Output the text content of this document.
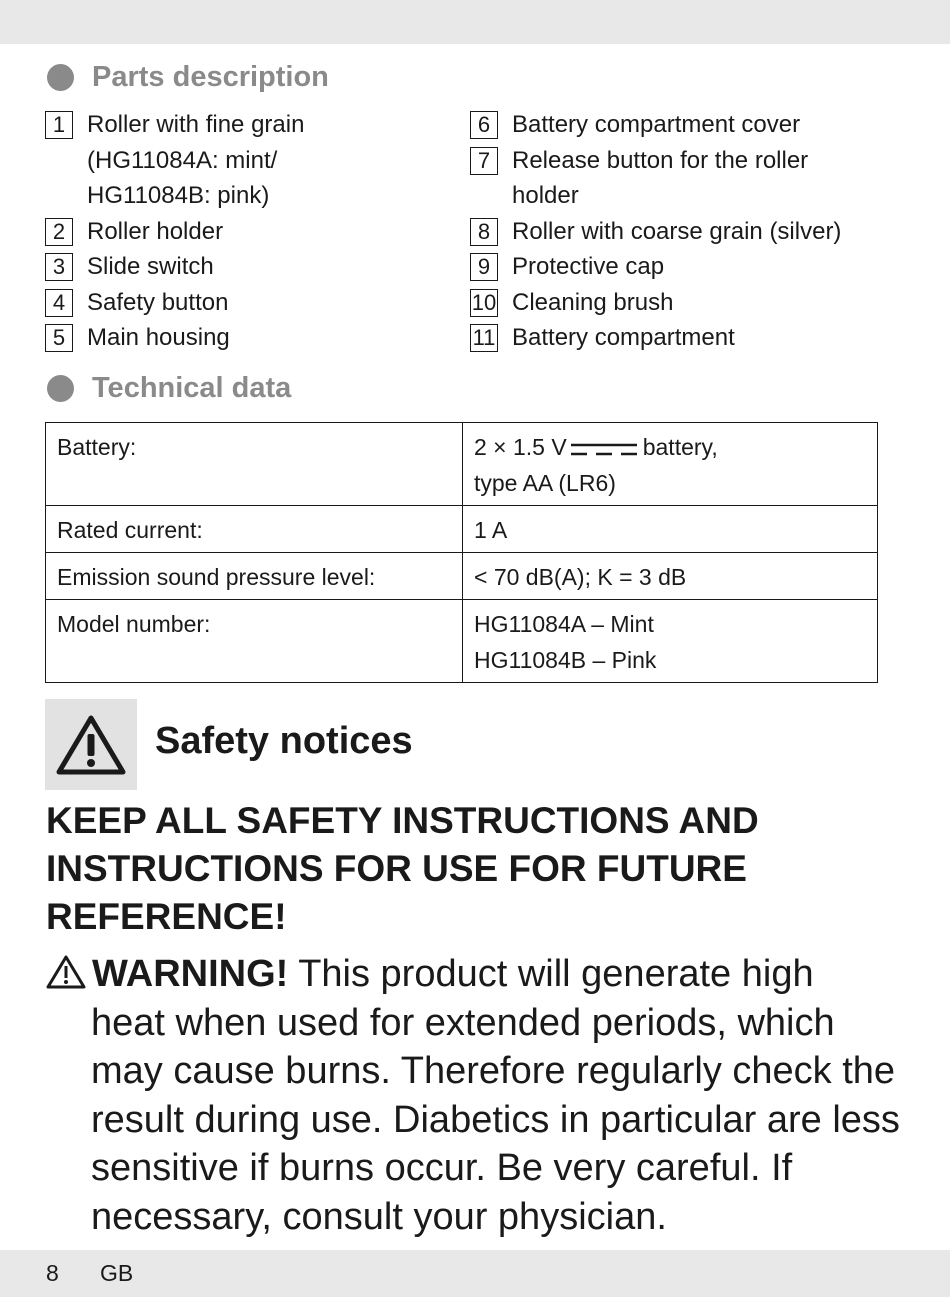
Parts description
1 Roller with fine grain
(HG11084A: mint/
HG11084B: pink)
2 Roller holder
3 Slide switch
4 Safety button
5 Main housing
6 Battery compartment cover
7 Release button for the roller
holder
8 Roller with coarse grain (silver)
9 Protective cap
10 Cleaning brush
11 Battery compartment
Technical data
Battery:	2 × 1.5 V battery,
type AA (LR6)
Rated current:	1 A
Emission sound pressure level:	< 70 dB(A); K = 3 dB
Model number:	HG11084A – Mint
HG11084B – Pink
Safety notices
KEEP ALL SAFETY INSTRUCTIONS AND INSTRUCTIONS FOR USE FOR FUTURE REFERENCE!
WARNING! This product will generate high
heat when used for extended periods, which may cause burns. Therefore regularly check the result during use. Diabetics in particular are less sensitive if burns occur. Be very careful. If necessary, consult your physician.
8 GB
